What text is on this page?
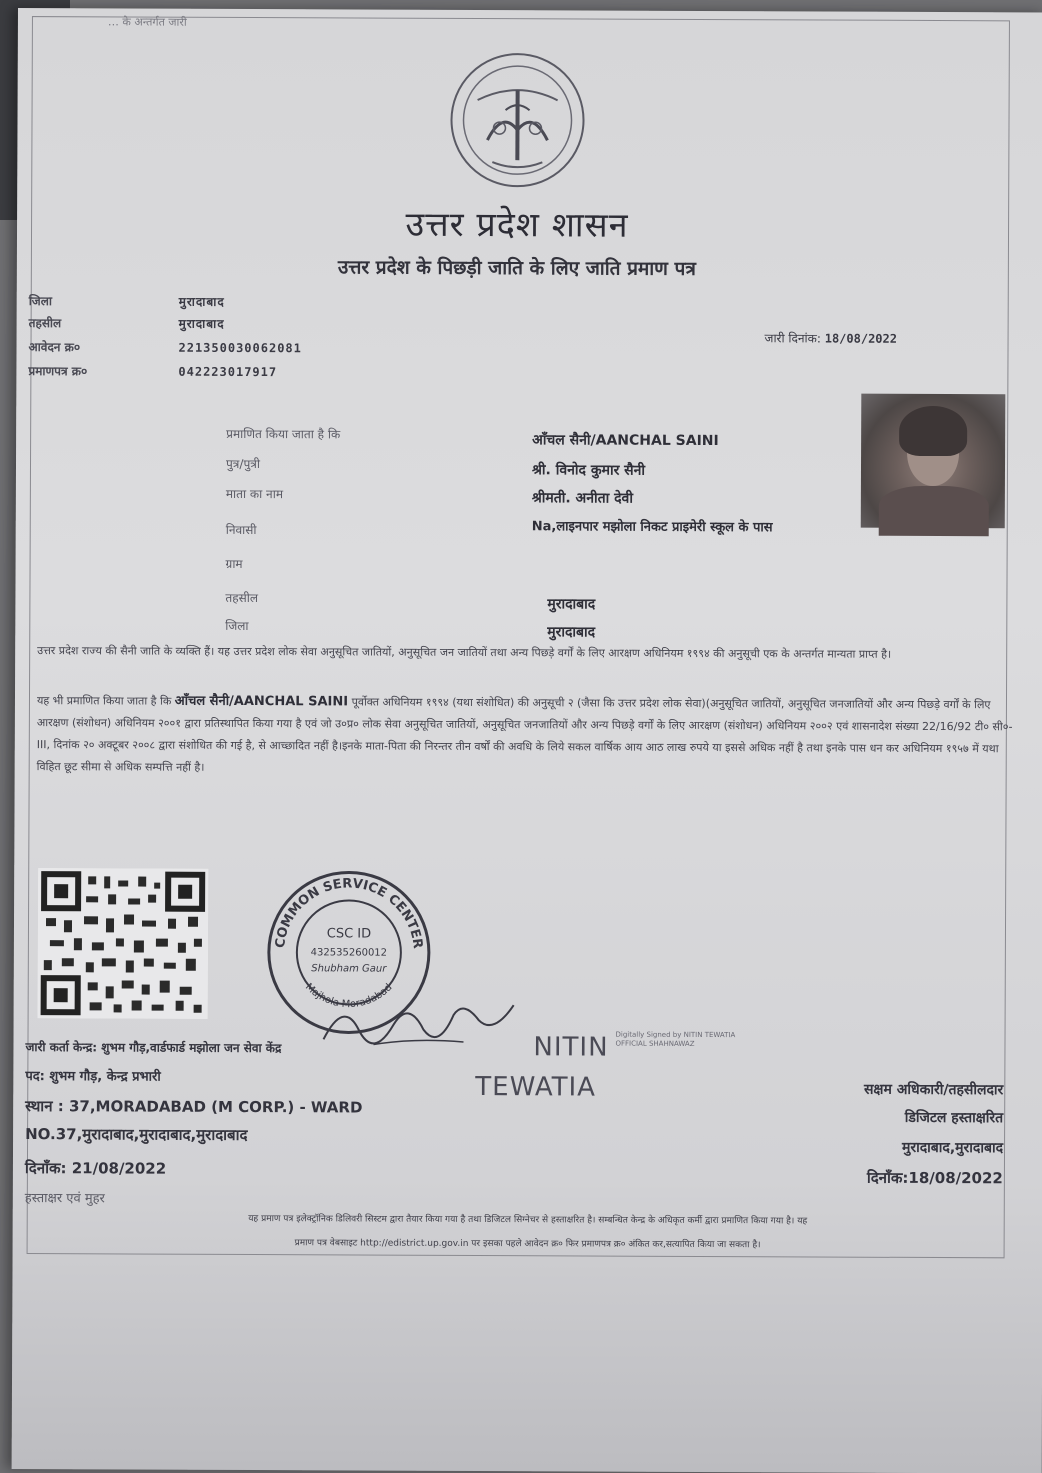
… के अन्तर्गत जारी
उत्तर प्रदेश शासन
उत्तर प्रदेश के पिछड़ी जाति के लिए जाति प्रमाण पत्र
जिला	मुरादाबाद
तहसील	मुरादाबाद
आवेदन क्र०	221350030062081
प्रमाणपत्र क्र०	042223017917
जारी दिनांक: 18/08/2022
प्रमाणित किया जाता है कि	आँचल सैनी/AANCHAL SAINI
पुत्र/पुत्री	श्री. विनोद कुमार सैनी
माता का नाम	श्रीमती. अनीता देवी
निवासी	Na,लाइनपार मझोला निकट प्राइमेरी स्कूल के पास
ग्राम
तहसील	मुरादाबाद
जिला	मुरादाबाद
उत्तर प्रदेश राज्य की सैनी जाति के व्यक्ति हैं। यह उत्तर प्रदेश लोक सेवा अनुसूचित जातियों, अनुसूचित जन जातियों तथा अन्य पिछड़े वर्गों के लिए आरक्षण अधिनियम १९९४ की अनुसूची एक के अन्तर्गत मान्यता प्राप्त है।
यह भी प्रमाणित किया जाता है कि आँचल सैनी/AANCHAL SAINI पूर्वोक्त अधिनियम १९९४ (यथा संशोधित) की अनुसूची २ (जैसा कि उत्तर प्रदेश लोक सेवा)(अनुसूचित जातियों, अनुसूचित जनजातियों और अन्य पिछड़े वर्गों के लिए आरक्षण (संशोधन) अधिनियम २००१ द्वारा प्रतिस्थापित किया गया है एवं जो उ०प्र० लोक सेवा अनुसूचित जातियों, अनुसूचित जनजातियों और अन्य पिछड़े वर्गों के लिए आरक्षण (संशोधन) अधिनियम २००२ एवं शासनादेश संख्या 22/16/92 टी० सी०-III, दिनांक २० अक्टूबर २००८ द्वारा संशोधित की गई है, से आच्छादित नहीं है।इनके माता-पिता की निरन्तर तीन वर्षों की अवधि के लिये सकल वार्षिक आय आठ लाख रुपये या इससे अधिक नहीं है तथा इनके पास धन कर अधिनियम १९५७ में यथा विहित छूट सीमा से अधिक सम्पत्ति नहीं है।
COMMON SERVICE CENTER
Majhola Moradabad
CSC ID
432535260012
Shubham Gaur
जारी कर्ता केन्द्र: शुभम गौड़,वार्डफार्ड मझोला जन सेवा केंद्र
पद: शुभम गौड़, केन्द्र प्रभारी
स्थान : 37,MORADABAD (M CORP.) - WARD
NO.37,मुरादाबाद,मुरादाबाद,मुरादाबाद
दिनाँक: 21/08/2022
हस्ताक्षर एवं मुहर
NITIN
TEWATIA
Digitally Signed by NITIN TEWATIA OFFICIAL SHAHNAWAZ
सक्षम अधिकारी/तहसीलदार
डिजिटल हस्ताक्षरित
मुरादाबाद,मुरादाबाद
दिनाँक:18/08/2022
यह प्रमाण पत्र इलेक्ट्रॉनिक डिलिवरी सिस्टम द्वारा तैयार किया गया है तथा डिजिटल सिग्नेचर से हस्ताक्षरित है। सम्बन्धित केन्द्र के अधिकृत कर्मी द्वारा प्रमाणित किया गया है। यह
प्रमाण पत्र वेबसाइट http://edistrict.up.gov.in पर इसका पहले आवेदन क्र० फिर प्रमाणपत्र क्र० अंकित कर,सत्यापित किया जा सकता है।
